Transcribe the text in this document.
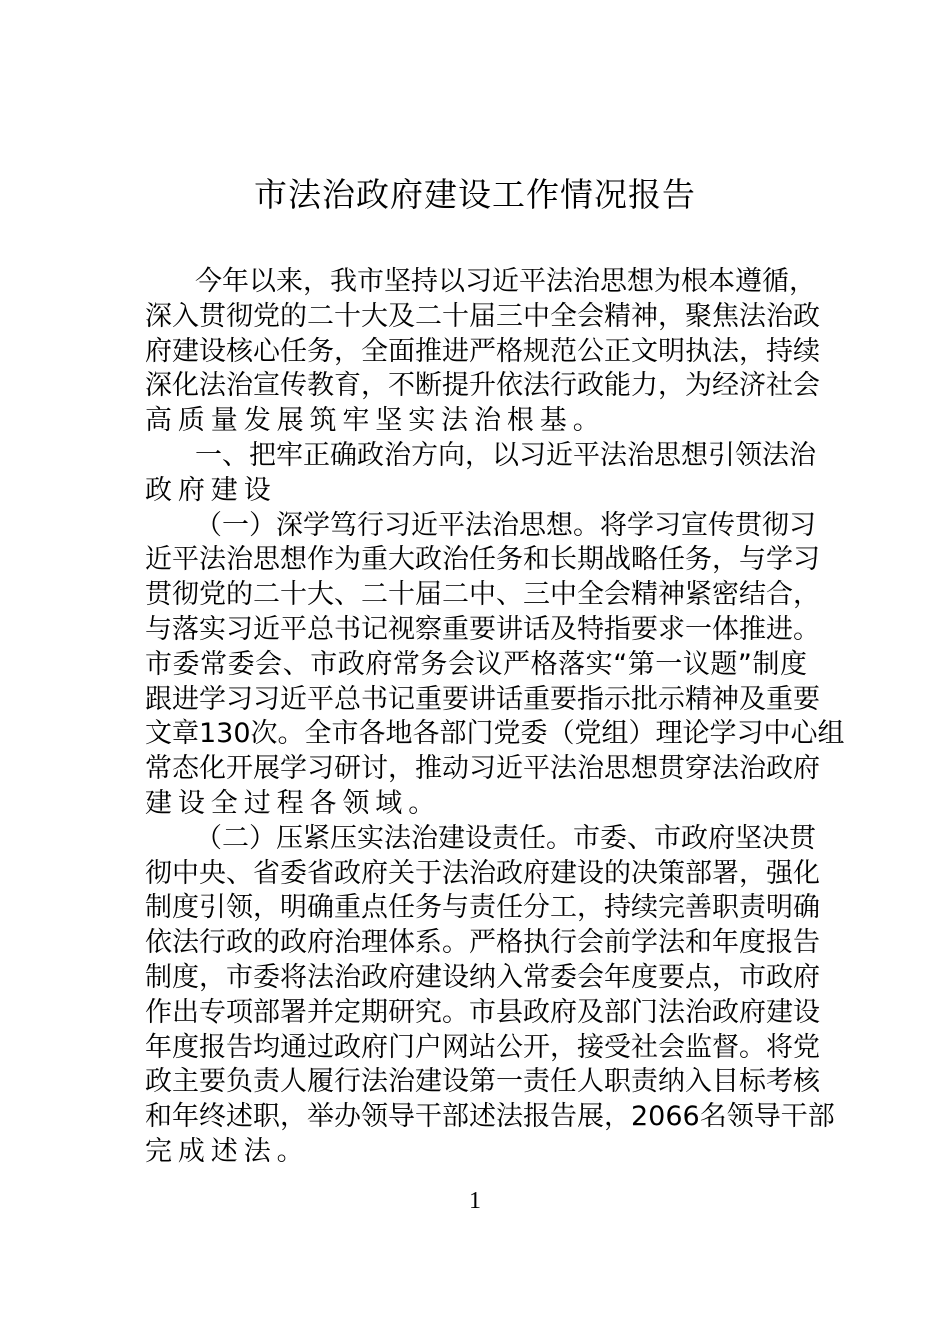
市法治政府建设工作情况报告
今年以来，我市坚持以习近平法治思想为根本遵循，
深入贯彻党的二十大及二十届三中全会精神，聚焦法治政
府建设核心任务，全面推进严格规范公正文明执法，持续
深化法治宣传教育，不断提升依法行政能力，为经济社会
高质量发展筑牢坚实法治根基。
一、把牢正确政治方向，以习近平法治思想引领法治
政府建设
（一）深学笃行习近平法治思想。将学习宣传贯彻习
近平法治思想作为重大政治任务和长期战略任务，与学习
贯彻党的二十大、二十届二中、三中全会精神紧密结合，
与落实习近平总书记视察重要讲话及特指要求一体推进。
市委常委会、市政府常务会议严格落实“第一议题”制度
跟进学习习近平总书记重要讲话重要指示批示精神及重要
文章130次。全市各地各部门党委（党组）理论学习中心组
常态化开展学习研讨，推动习近平法治思想贯穿法治政府
建设全过程各领域。
（二）压紧压实法治建设责任。市委、市政府坚决贯
彻中央、省委省政府关于法治政府建设的决策部署，强化
制度引领，明确重点任务与责任分工，持续完善职责明确
依法行政的政府治理体系。严格执行会前学法和年度报告
制度，市委将法治政府建设纳入常委会年度要点，市政府
作出专项部署并定期研究。市县政府及部门法治政府建设
年度报告均通过政府门户网站公开，接受社会监督。将党
政主要负责人履行法治建设第一责任人职责纳入目标考核
和年终述职，举办领导干部述法报告展，2066名领导干部
完成述法。
1
